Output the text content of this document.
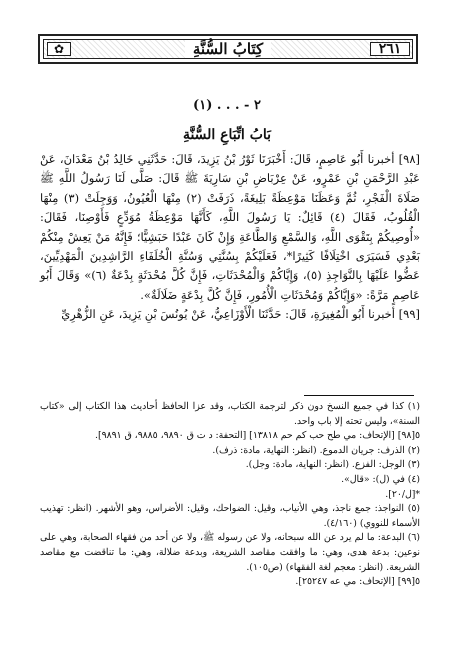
✿	كِتَابُ السُّنَّةِ	٢٦١
٢ - . . . (١)
بَابُ اتِّبَاعِ السُّنَّةِ

[٩٨] أخبرنا أَبُو عَاصِمٍ، قَالَ: أَخْبَرَنَا ثَوْرُ بْنُ يَزِيدَ، قَالَ: حَدَّثَنِي خَالِدُ بْنُ مَعْدَانَ، عَنْ عَبْدِ الرَّحْمَنِ بْنِ عَمْرٍو، عَنْ عِرْبَاضِ بْنِ سَارِيَةَ ﷺ قَالَ: صَلَّى لَنَا رَسُولُ اللَّهِ ﷺ صَلَاةَ الْفَجْرِ، ثُمَّ وَعَظَنَا مَوْعِظَةً بَلِيغَةً، ذَرَفَتْ (٢) مِنْهَا الْعُيُونُ، وَوَجِلَتْ (٣) مِنْهَا الْقُلُوبُ، فَقَالَ (٤) قَائِلٌ: يَا رَسُولَ اللَّهِ، كَأَنَّهَا مَوْعِظَةُ مُوَدِّعٍ فَأَوْصِنَا، فَقَالَ: «أُوصِيكُمْ بِتَقْوَى اللَّهِ، وَالسَّمْعِ وَالطَّاعَةِ وَإِنْ كَانَ عَبْدًا حَبَشِيًّا؛ فَإِنَّهُ مَنْ يَعِشْ مِنْكُمْ بَعْدِي فَسَيَرَى اخْتِلَافًا كَثِيرًا*، فَعَلَيْكُمْ بِسُنَّتِي وَسُنَّةِ الْخُلَفَاءِ الرَّاشِدِينَ الْمَهْدِيِّينَ، عَضُّوا عَلَيْهَا بِالنَّوَاجِذِ (٥)، وَإِيَّاكُمْ وَالْمُحْدَثَاتِ، فَإِنَّ كُلَّ مُحْدَثَةٍ بِدْعَةٌ (٦)» وَقَالَ أَبُو عَاصِمٍ مَرَّةً: «وَإِيَّاكُمْ وَمُحْدَثَاتِ الْأُمُورِ، فَإِنَّ كُلَّ بِدْعَةٍ ضَلَالَةٌ».

[٩٩] أخبرنا أَبُو الْمُغِيرَةِ، قَالَ: حَدَّثَنَا الْأَوْزَاعِيُّ، عَنْ يُونُسَ بْنِ يَزِيدَ، عَنِ الزُّهْرِيِّ

(١) كذا في جميع النسخ دون ذكر لترجمة الكتاب، وقد عزا الحافظ أحاديث هذا الكتاب إلى «كتاب السنة»، وليس تحته إلا باب واحد.

٥[٩٨] [الإتحاف: مي طح حب كم حم ١٣٨١٨] [التحفة: د ت ق ٩٨٩٠، ٩٨٨٥، ق ٩٨٩١].

(٢) الذرف: جريان الدموع. (انظر: النهاية، مادة: ذرف).

(٣) الوجل: الفزع. (انظر: النهاية، مادة: وجل).

(٤) في (ل): «قال».

*[ل/٢٠].

(٥) النواجذ: جمع ناجذ، وهي الأنياب، وقيل: الضواحك، وقيل: الأضراس، وهو الأشهر. (انظر: تهذيب الأسماء للنووي) (٤/١٦٠).

(٦) البدعة: ما لم يرد عن الله سبحانه، ولا عن رسوله ﷺ، ولا عن أحد من فقهاء الصحابة، وهي على نوعين: بدعة هدى، وهي: ما وافقت مقاصد الشريعة، وبدعة ضلالة، وهي: ما تناقضت مع مقاصد الشريعة. (انظر: معجم لغة الفقهاء) (ص١٠٥).

٥[٩٩] [الإتحاف: مي عه ٢٥٢٤٧].
